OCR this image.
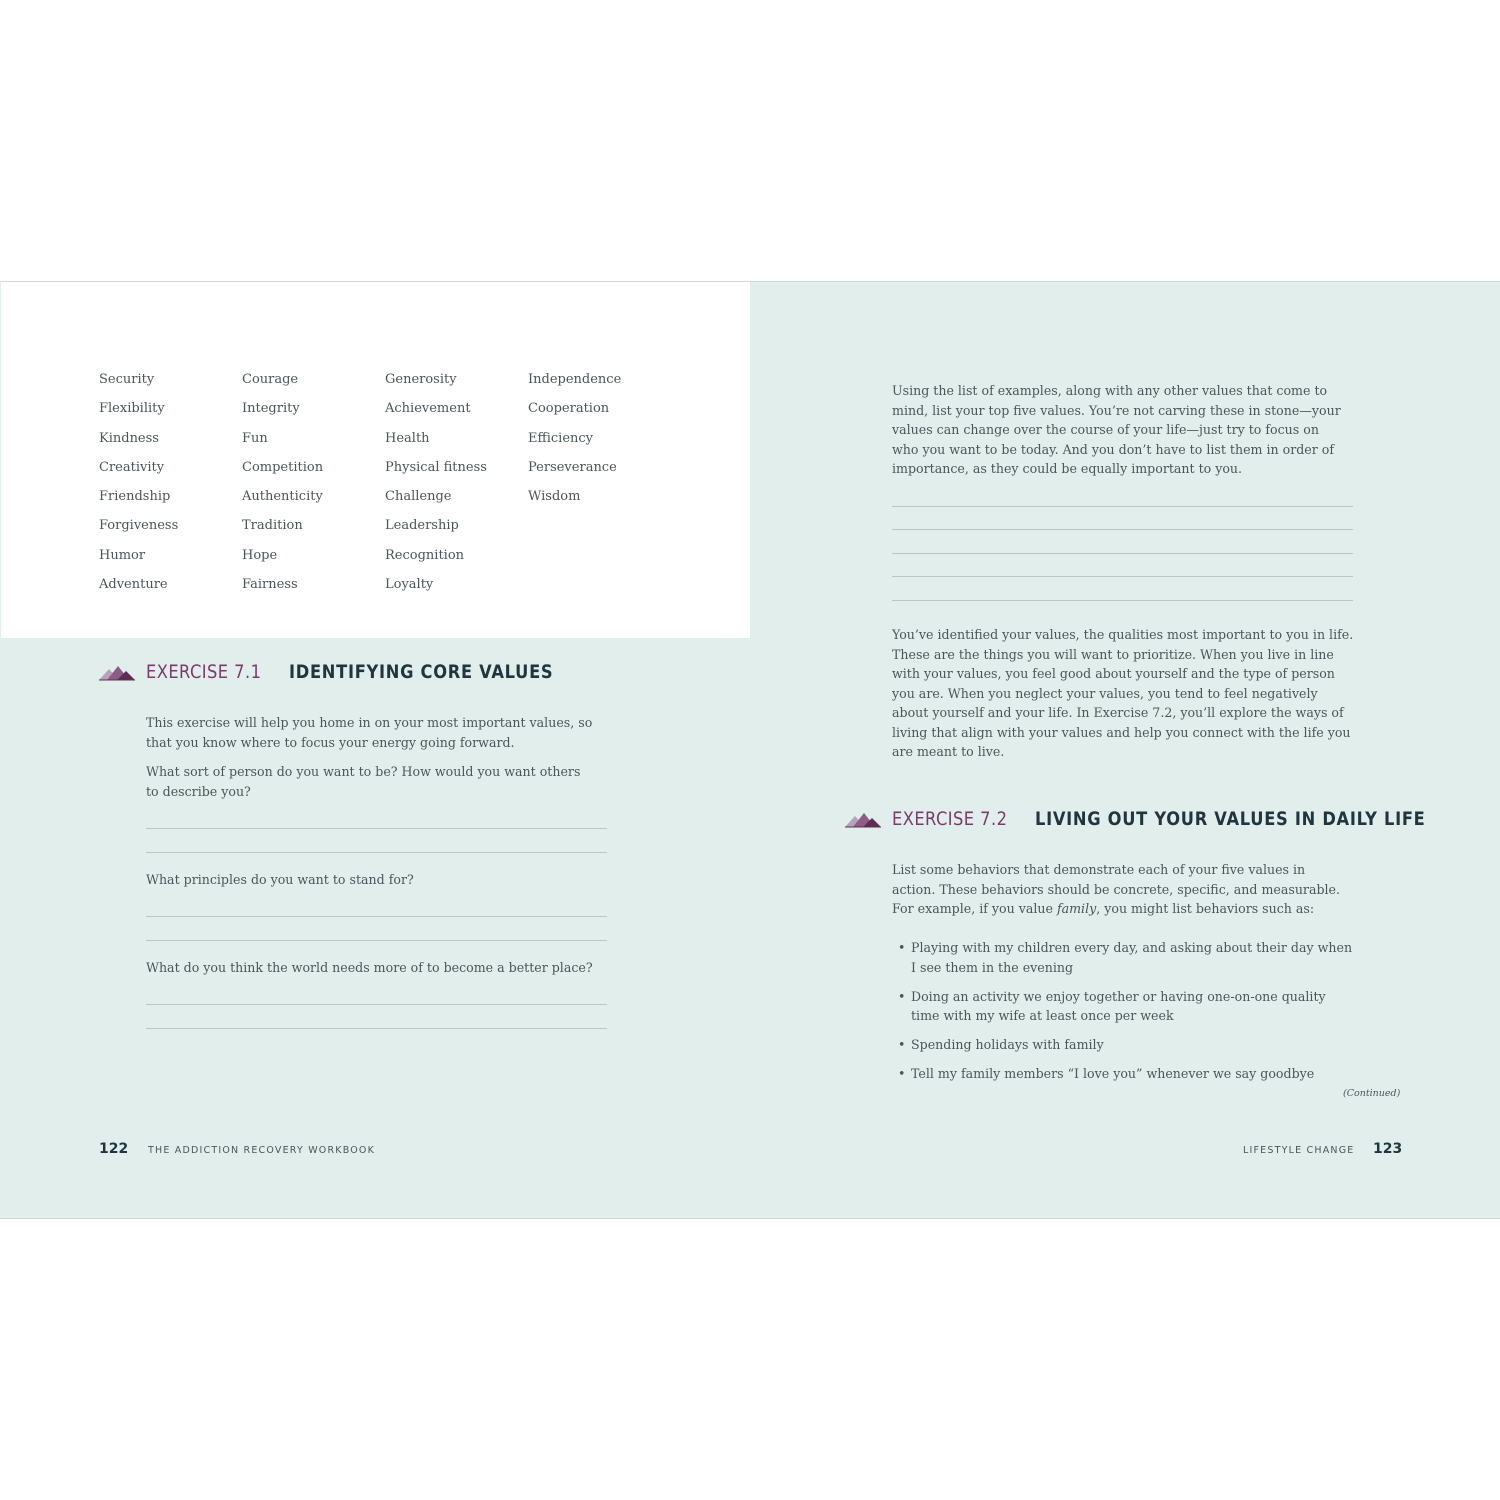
Security
Flexibility
Kindness
Creativity
Friendship
Forgiveness
Humor
Adventure
Courage
Integrity
Fun
Competition
Authenticity
Tradition
Hope
Fairness
Generosity
Achievement
Health
Physical fitness
Challenge
Leadership
Recognition
Loyalty
Independence
Cooperation
Efficiency
Perseverance
Wisdom
EXERCISE 7.1 IDENTIFYING CORE VALUES
This exercise will help you home in on your most important values, so that you know where to focus your energy going forward.
What sort of person do you want to be? How would you want others to describe you?
What principles do you want to stand for?
What do you think the world needs more of to become a better place?
Using the list of examples, along with any other values that come to mind, list your top five values. You’re not carving these in stone—your values can change over the course of your life—just try to focus on who you want to be today. And you don’t have to list them in order of importance, as they could be equally important to you.
You’ve identified your values, the qualities most important to you in life. These are the things you will want to prioritize. When you live in line with your values, you feel good about yourself and the type of person you are. When you neglect your values, you tend to feel negatively about yourself and your life. In Exercise 7.2, you’ll explore the ways of living that align with your values and help you connect with the life you are meant to live.
EXERCISE 7.2 LIVING OUT YOUR VALUES IN DAILY LIFE
List some behaviors that demonstrate each of your five values in action. These behaviors should be concrete, specific, and measurable. For example, if you value family, you might list behaviors such as:
• Playing with my children every day, and asking about their day when I see them in the evening
• Doing an activity we enjoy together or having one-on-one quality time with my wife at least once per week
• Spending holidays with family
• Tell my family members “I love you” whenever we say goodbye
(Continued)
122 THE ADDICTION RECOVERY WORKBOOK	LIFESTYLE CHANGE 123
